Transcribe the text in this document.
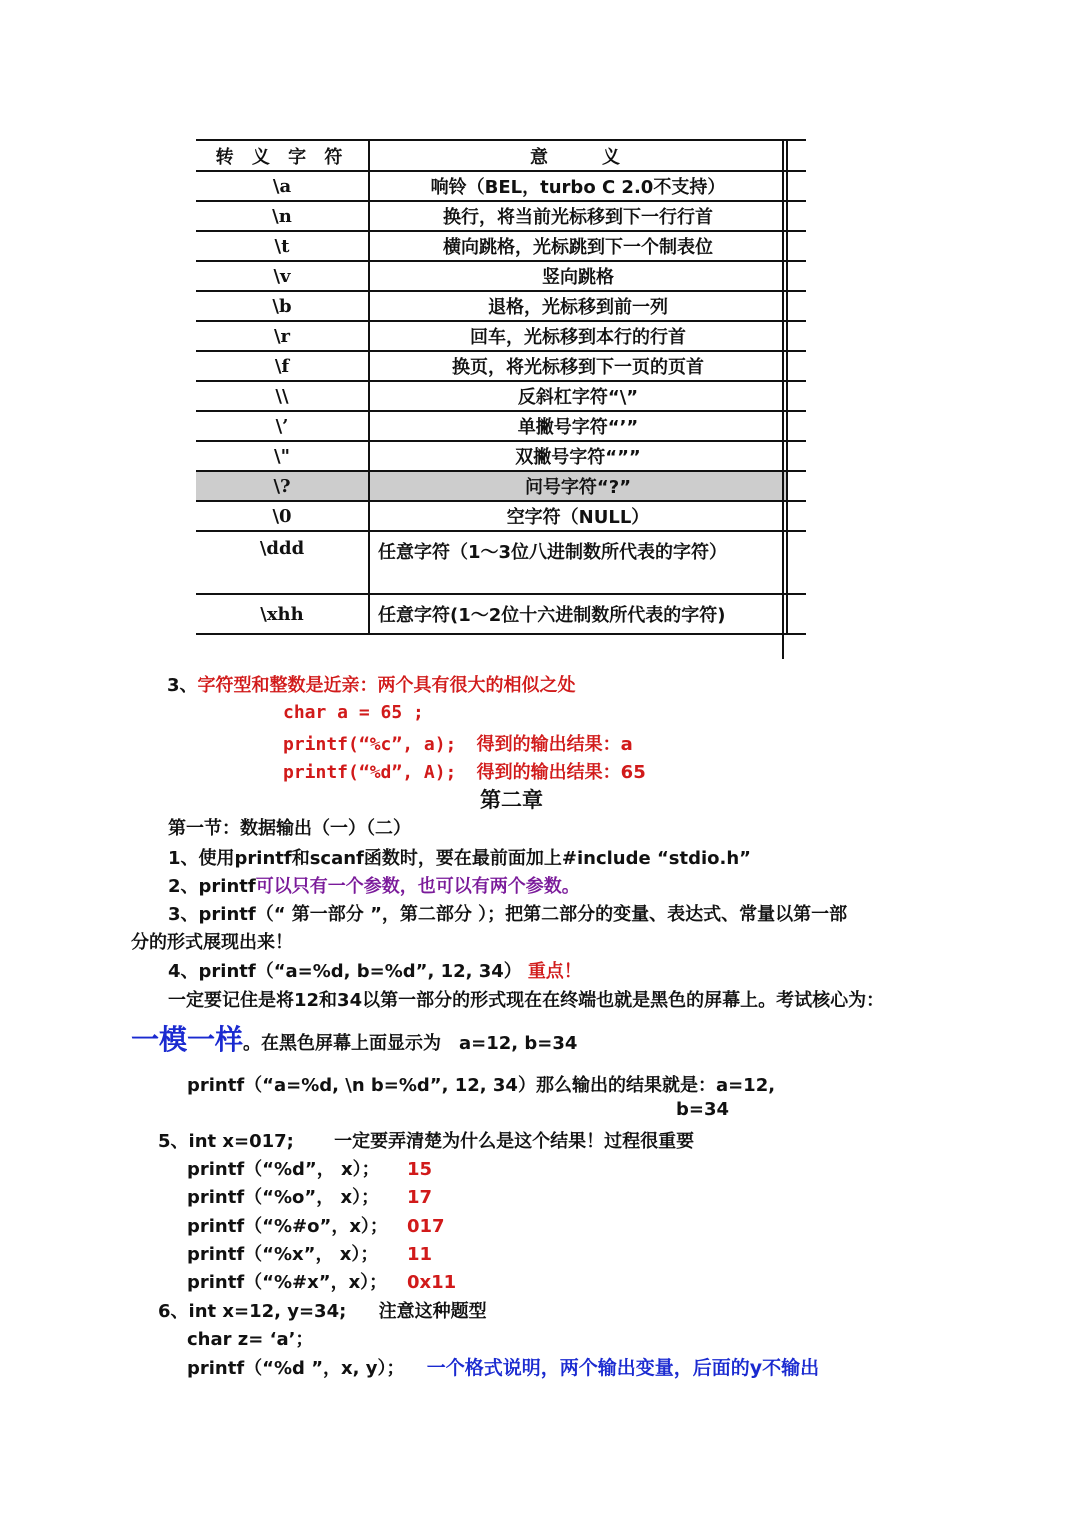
转 义 字 符	意　　义	
\a	响铃（BEL，turbo C 2.0不支持）	
\n	换行，将当前光标移到下一行行首	
\t	横向跳格，光标跳到下一个制表位	
\v	竖向跳格	
\b	退格，光标移到前一列	
\r	回车，光标移到本行的行首	
\f	换页，将光标移到下一页的页首	
\\	反斜杠字符“\”	
\’	单撇号字符“’”	
\"	双撇号字符“””	
\?	问号字符“?”	
\0	空字符（NULL）	
\ddd	任意字符（1～3位八进制数所代表的字符）	
\xhh	任意字符(1～2位十六进制数所代表的字符)	
3、字符型和整数是近亲：两个具有很大的相似之处
char a = 65 ;
printf(“%c”, a); 得到的输出结果：a
printf(“%d”, A); 得到的输出结果：65
第二章
第一节：数据输出（一）（二）
1、使用printf和scanf函数时，要在最前面加上#include “stdio.h”
2、printf可以只有一个参数，也可以有两个参数。
3、printf（“ 第一部分 ”，第二部分 ）；把第二部分的变量、表达式、常量以第一部
分的形式展现出来！
4、printf（“a=%d, b=%d”, 12, 34） 重点！
一定要记住是将12和34以第一部分的形式现在在终端也就是黑色的屏幕上。考试核心为：
一模一样。在黑色屏幕上面显示为　a=12, b=34
printf（“a=%d, \n b=%d”, 12, 34）那么输出的结果就是：a=12,
b=34
5、int x=017; 一定要弄清楚为什么是这个结果！过程很重要
printf（“%d”， x）； 15
printf（“%o”， x）； 17
printf（“%#o”，x）； 017
printf（“%x”， x）； 11
printf（“%#x”，x）； 0x11
6、int x=12, y=34; 注意这种题型
char z= ‘a’；
printf（“%d ”，x, y）； 一个格式说明，两个输出变量，后面的y不输出
